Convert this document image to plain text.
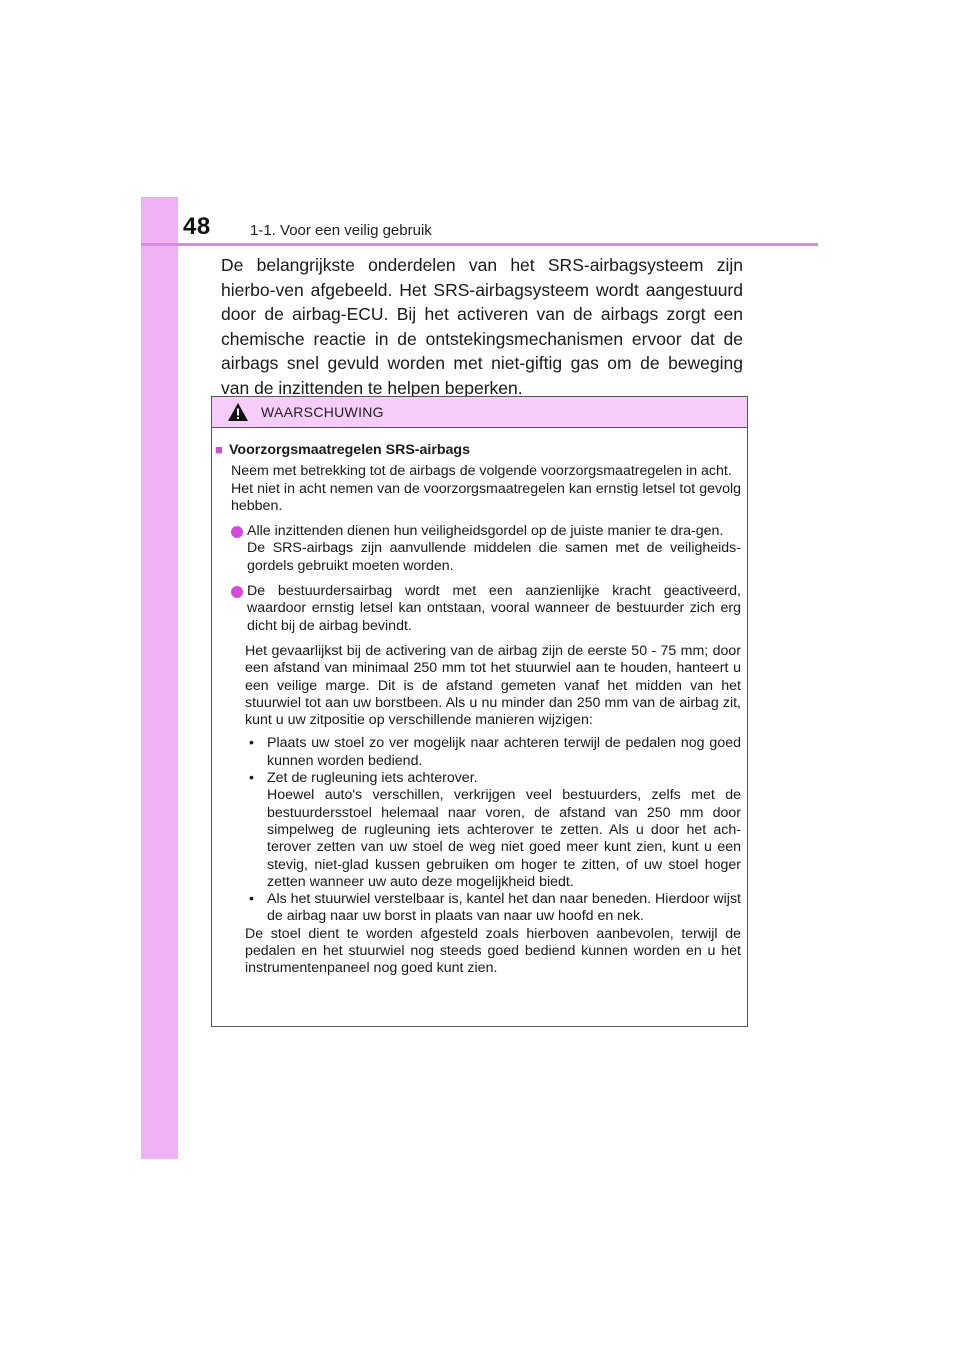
48	1-1. Voor een veilig gebruik

De belangrijkste onderdelen van het SRS-airbagsysteem zijn hierbo-ven afgebeeld. Het SRS-airbagsysteem wordt aangestuurd door de airbag-ECU. Bij het activeren van de airbags zorgt een chemische reactie in de ontstekingsmechanismen ervoor dat de airbags snel gevuld worden met niet-giftig gas om de beweging van de inzittenden te helpen beperken.

WAARSCHUWING
■ Voorzorgsmaatregelen SRS-airbags

Neem met betrekking tot de airbags de volgende voorzorgsmaatregelen in acht.

Het niet in acht nemen van de voorzorgsmaatregelen kan ernstig letsel tot gevolg hebben.

Alle inzittenden dienen hun veiligheidsgordel op de juiste manier te dra-gen.

De SRS-airbags zijn aanvullende middelen die samen met de veiligheids-gordels gebruikt moeten worden.

De bestuurdersairbag wordt met een aanzienlijke kracht geactiveerd, waardoor ernstig letsel kan ontstaan, vooral wanneer de bestuurder zich erg dicht bij de airbag bevindt.

Het gevaarlijkst bij de activering van de airbag zijn de eerste 50 - 75 mm; door een afstand van minimaal 250 mm tot het stuurwiel aan te houden, hanteert u een veilige marge. Dit is de afstand gemeten vanaf het midden van het stuurwiel tot aan uw borstbeen. Als u nu minder dan 250 mm van de airbag zit, kunt u uw zitpositie op verschillende manieren wijzigen:

• Plaats uw stoel zo ver mogelijk naar achteren terwijl de pedalen nog goed kunnen worden bediend.

• Zet de rugleuning iets achterover.

Hoewel auto's verschillen, verkrijgen veel bestuurders, zelfs met de bestuurdersstoel helemaal naar voren, de afstand van 250 mm door simpelweg de rugleuning iets achterover te zetten. Als u door het ach-terover zetten van uw stoel de weg niet goed meer kunt zien, kunt u een stevig, niet-glad kussen gebruiken om hoger te zitten, of uw stoel hoger zetten wanneer uw auto deze mogelijkheid biedt.

• Als het stuurwiel verstelbaar is, kantel het dan naar beneden. Hierdoor wijst de airbag naar uw borst in plaats van naar uw hoofd en nek.

De stoel dient te worden afgesteld zoals hierboven aanbevolen, terwijl de pedalen en het stuurwiel nog steeds goed bediend kunnen worden en u het instrumentenpaneel nog goed kunt zien.
